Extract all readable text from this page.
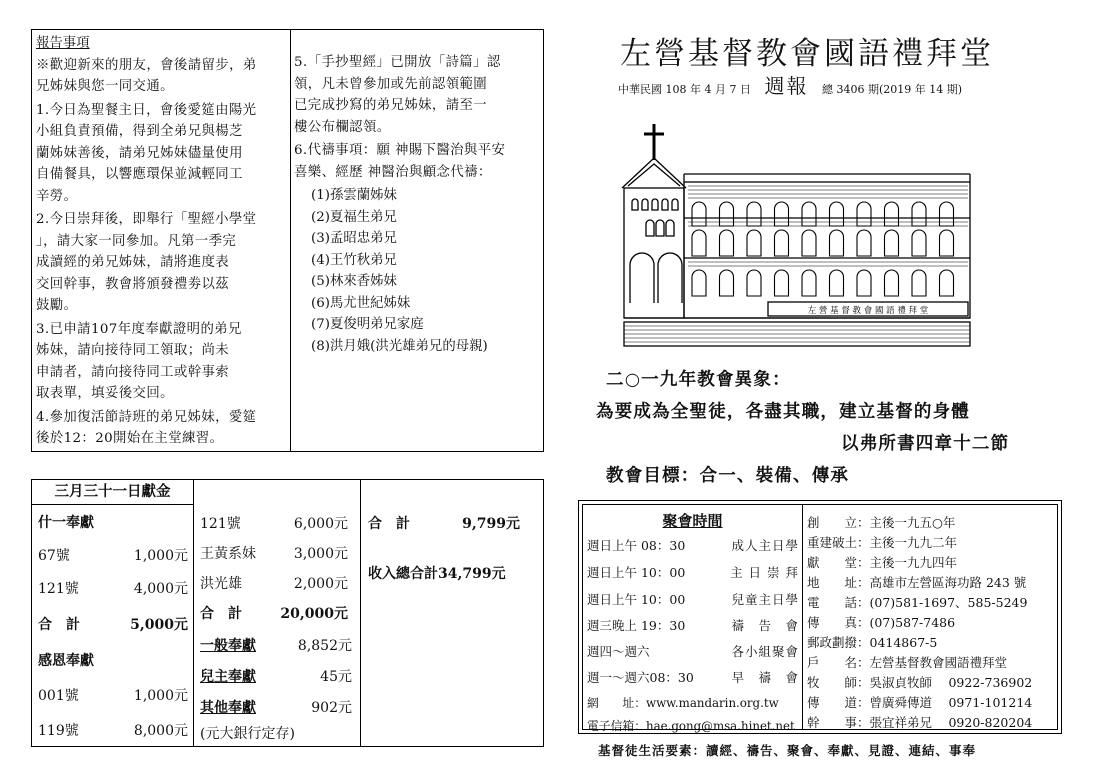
報告事項
※歡迎新來的朋友，會後請留步，弟
兄姊妹與您一同交通。
1.今日為聖餐主日，會後愛筵由陽光
小組負責預備，得到全弟兄與楊芝
蘭姊妹善後，請弟兄姊妹儘量使用
自備餐具，以響應環保並減輕同工
辛勞。
2.今日崇拜後，即舉行「聖經小學堂
」，請大家一同參加。凡第一季完
成讀經的弟兄姊妹，請將進度表
交回幹事，教會將頒發禮劵以茲
鼓勵。
3.已申請107年度奉獻證明的弟兄
姊妹，請向接待同工領取；尚未
申請者，請向接待同工或幹事索
取表單，填妥後交回。
4.參加復活節詩班的弟兄姊妹，愛筵
後於12：20開始在主堂練習。
5.「手抄聖經」已開放「詩篇」認
領，凡未曾參加或先前認領範圍
已完成抄寫的弟兄姊妹，請至一
樓公布欄認領。
6.代禱事項：願 神賜下醫治與平安
喜樂、經歷 神醫治與顧念代禱：
(1)孫雲蘭姊妹
(2)夏福生弟兄
(3)孟昭忠弟兄
(4)王竹秋弟兄
(5)林來香姊妹
(6)馬尤世紀姊妹
(7)夏俊明弟兄家庭
(8)洪月娥(洪光雄弟兄的母親)
左營基督教會國語禮拜堂
中華民國 108 年 4 月 7 日 週報 總 3406 期(2019 年 14 期)
左 營 基 督 教 會 國 語 禮 拜 堂
二○一九年教會異象：
為要成為全聖徒，各盡其職，建立基督的身體
以弗所書四章十二節
教會目標：合一、裝備、傳承
三月三十一日獻金
什一奉獻
67號	1,000元
121號	4,000元
合　計	5,000元
感恩奉獻
001號	1,000元
119號	8,000元
121號	6,000元
王黃系妹	3,000元
洪光雄	2,000元
合　計	20,000元
一般奉獻	8,852元
兒主奉獻	45元
其他奉獻	902元
(元大銀行定存)
合　計	9,799元
收入總合計34,799元
聚會時間
週日上午 08：30	成人主日學
週日上午 10：00	主 日 崇 拜
週日上午 10：00	兒童主日學
週三晚上 19：30	禱　告　會
週四～週六	各小組聚會
週一～週六08：30	早　禱　會
網　　址：www.mandarin.org.tw
電子信箱：hae.gong@msa.hinet.net
創　　立：主後一九五○年
重建破土：主後一九九二年
獻　　堂：主後一九九四年
地　　址：高雄市左營區海功路 243 號
電　　話：(07)581-1697、585-5249
傳　　真：(07)587-7486
郵政劃撥：0414867-5
戶　　名：左營基督教會國語禮拜堂
牧　　師：吳淑貞牧師　 0922-736902
傳　　道：曾廣舜傳道　 0971-101214
幹　　事：張宜祥弟兄　 0920-820204
基督徒生活要素：讀經、禱告、聚會、奉獻、見證、連結、事奉
